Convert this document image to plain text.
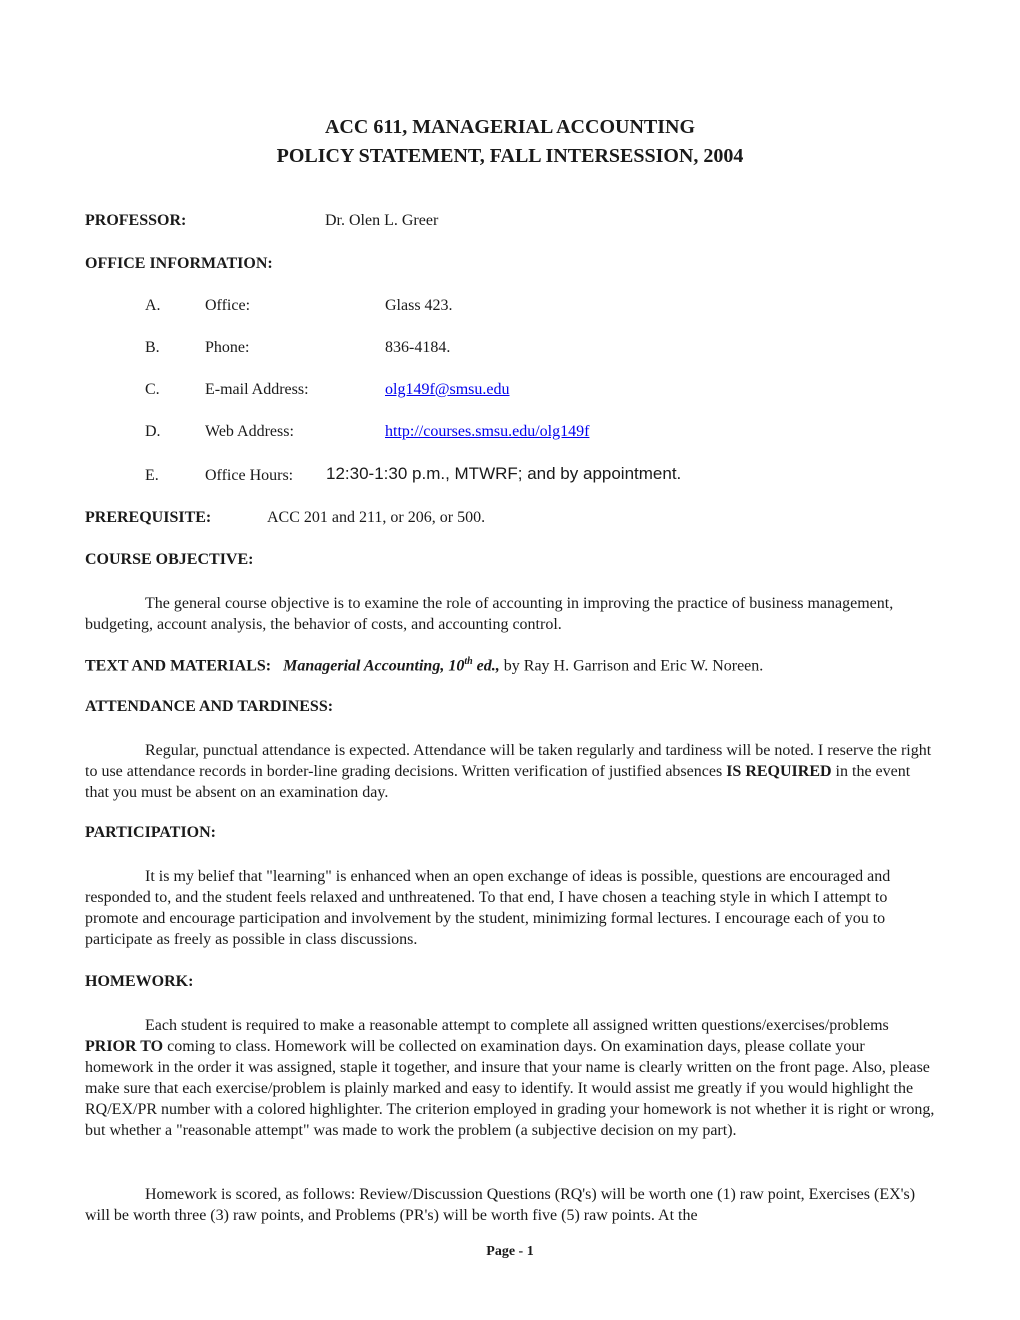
ACC 611, MANAGERIAL ACCOUNTING
POLICY STATEMENT, FALL INTERSESSION, 2004
PROFESSOR:	Dr. Olen L. Greer
OFFICE INFORMATION:
A.	Office:	Glass 423.
B.	Phone:	836-4184.
C.	E-mail Address:	olg149f@smsu.edu
D.	Web Address:	http://courses.smsu.edu/olg149f
E.	Office Hours: 12:30-1:30 p.m., MTWRF; and by appointment.
PREREQUISITE:	ACC 201 and 211, or 206, or 500.
COURSE OBJECTIVE:
The general course objective is to examine the role of accounting in improving the practice of business management, budgeting, account analysis, the behavior of costs, and accounting control.
TEXT AND MATERIALS: Managerial Accounting, 10th ed., by Ray H. Garrison and Eric W. Noreen.
ATTENDANCE AND TARDINESS:
Regular, punctual attendance is expected. Attendance will be taken regularly and tardiness will be noted. I reserve the right to use attendance records in border-line grading decisions. Written verification of justified absences IS REQUIRED in the event that you must be absent on an examination day.
PARTICIPATION:
It is my belief that "learning" is enhanced when an open exchange of ideas is possible, questions are encouraged and responded to, and the student feels relaxed and unthreatened. To that end, I have chosen a teaching style in which I attempt to promote and encourage participation and involvement by the student, minimizing formal lectures. I encourage each of you to participate as freely as possible in class discussions.
HOMEWORK:
Each student is required to make a reasonable attempt to complete all assigned written questions/exercises/problems PRIOR TO coming to class. Homework will be collected on examination days. On examination days, please collate your homework in the order it was assigned, staple it together, and insure that your name is clearly written on the front page. Also, please make sure that each exercise/problem is plainly marked and easy to identify. It would assist me greatly if you would highlight the RQ/EX/PR number with a colored highlighter. The criterion employed in grading your homework is not whether it is right or wrong, but whether a "reasonable attempt" was made to work the problem (a subjective decision on my part).
Homework is scored, as follows: Review/Discussion Questions (RQ's) will be worth one (1) raw point, Exercises (EX's) will be worth three (3) raw points, and Problems (PR's) will be worth five (5) raw points. At the
Page - 1
